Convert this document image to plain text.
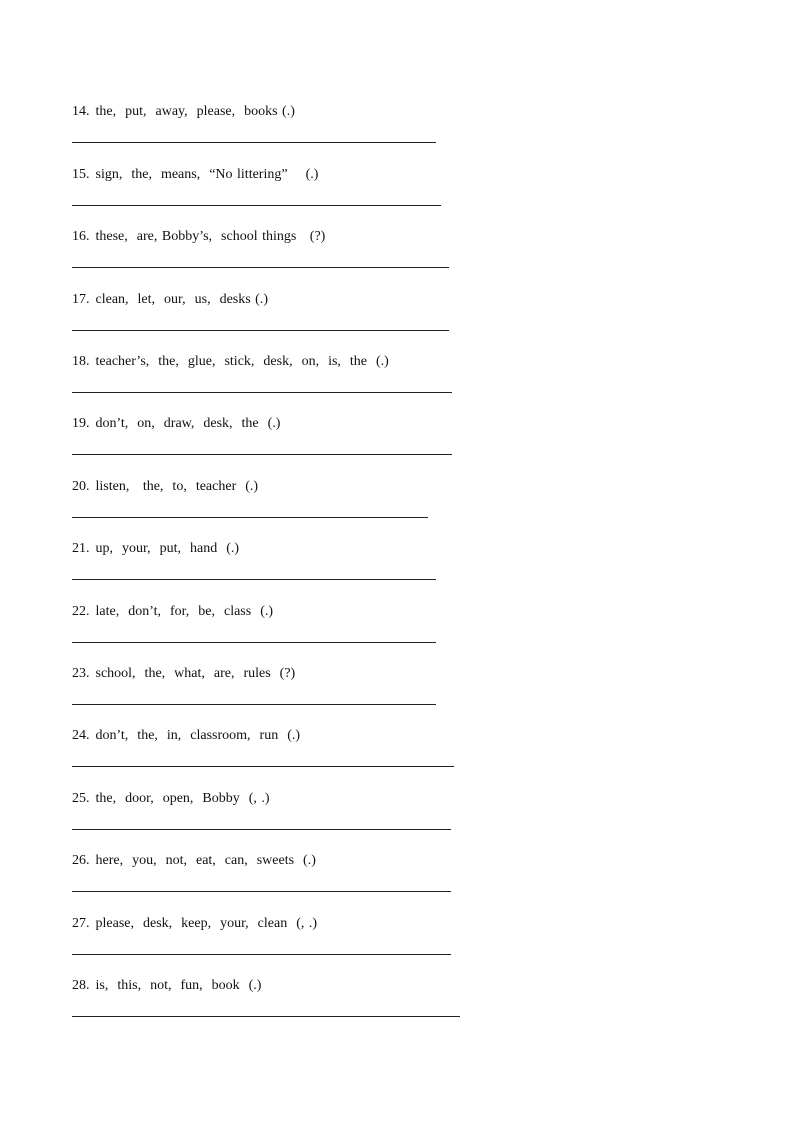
14. the,  put,  away,  please,  books (.)
15. sign,  the,  means,  “No littering”    (.)
16. these,  are, Bobby’s,  school things   (?)
17. clean,  let,  our,  us,  desks (.)
18. teacher’s,  the,  glue,  stick,  desk,  on,  is,  the  (.)
19. don’t,  on,  draw,  desk,  the  (.)
20. listen,   the,  to,  teacher  (.)
21. up,  your,  put,  hand  (.)
22. late,  don’t,  for,  be,  class  (.)
23. school,  the,  what,  are,  rules  (?)
24. don’t,  the,  in,  classroom,  run  (.)
25. the,  door,  open,  Bobby  (, .)
26. here,  you,  not,  eat,  can,  sweets  (.)
27. please,  desk,  keep,  your,  clean  (, .)
28. is,  this,  not,  fun,  book  (.)
